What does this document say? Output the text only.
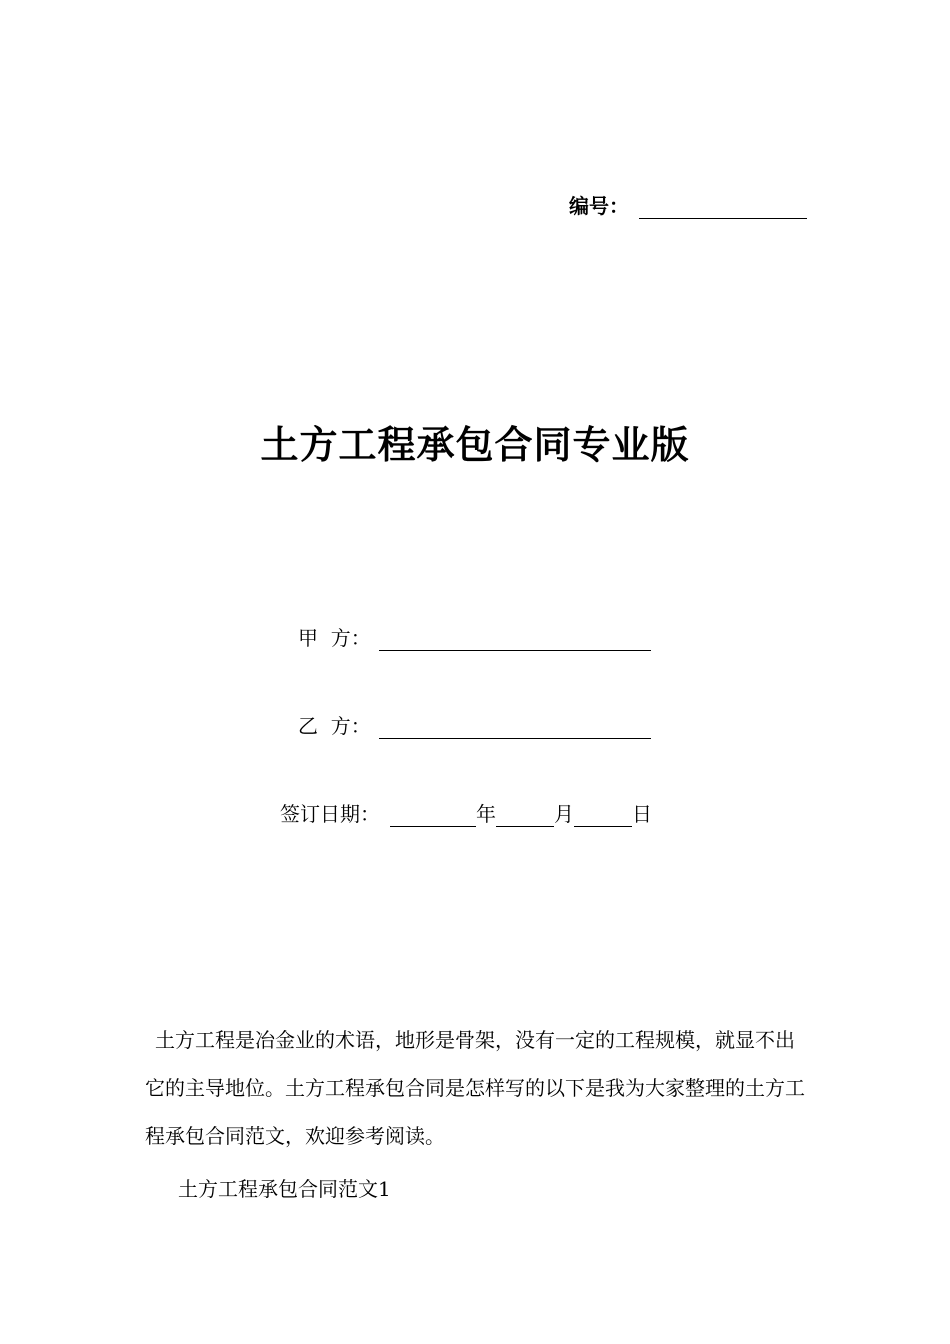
编号：
土方工程承包合同专业版
甲  方：
乙  方：
签订日期：	年	月	日
土方工程是冶金业的术语，地形是骨架，没有一定的工程规模，就显不出它的主导地位。土方工程承包合同是怎样写的以下是我为大家整理的土方工程承包合同范文，欢迎参考阅读。
土方工程承包合同范文1
